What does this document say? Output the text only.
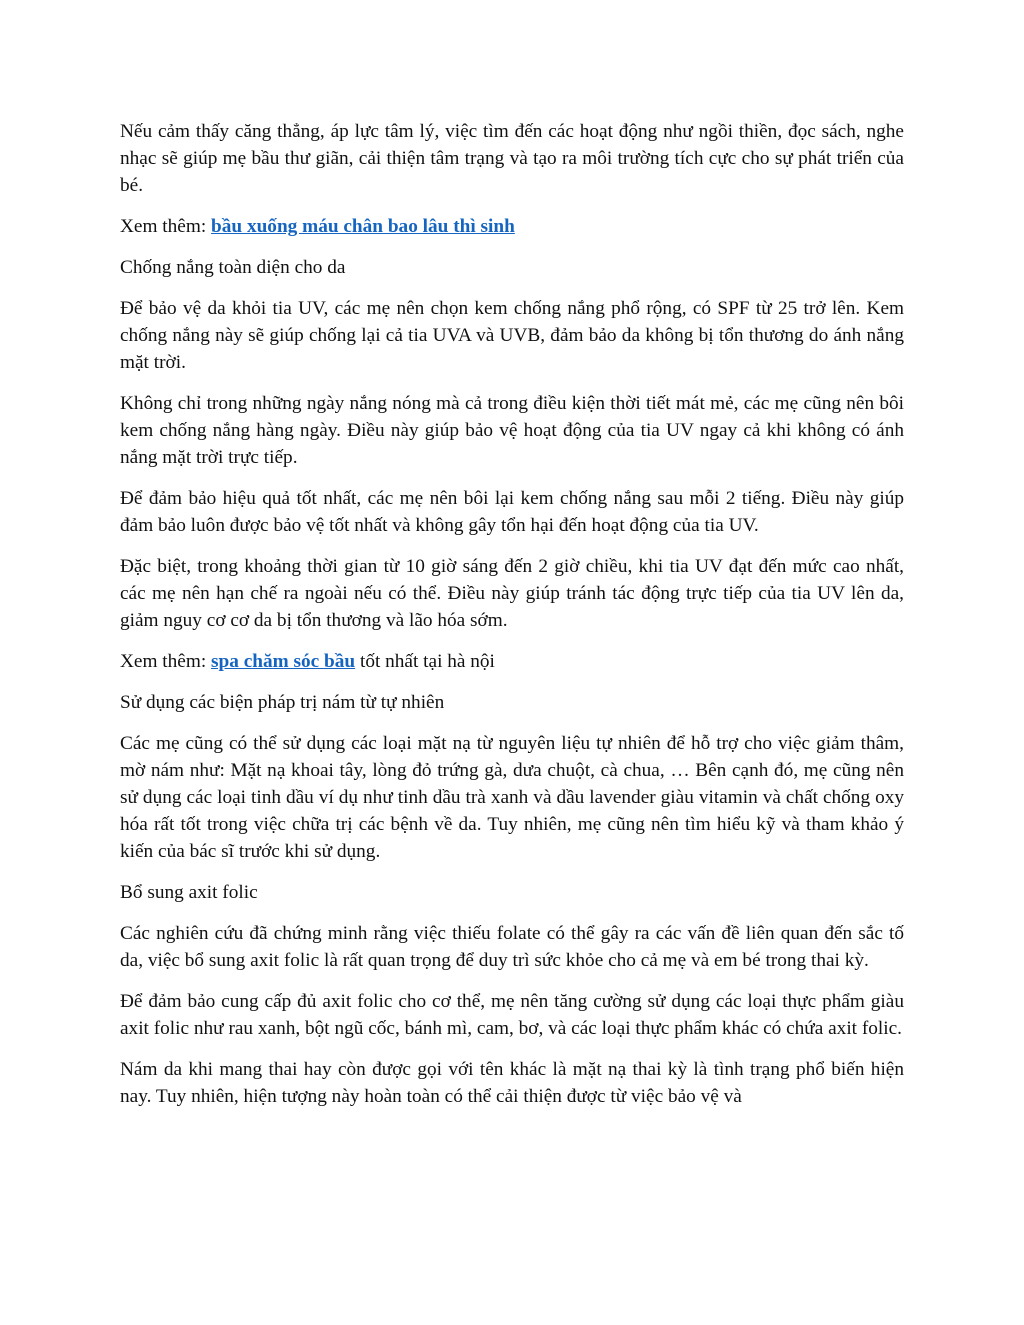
Nếu cảm thấy căng thẳng, áp lực tâm lý, việc tìm đến các hoạt động như ngồi thiền, đọc sách, nghe nhạc sẽ giúp mẹ bầu thư giãn, cải thiện tâm trạng và tạo ra môi trường tích cực cho sự phát triển của bé.

Xem thêm: bầu xuống máu chân bao lâu thì sinh

Chống nắng toàn diện cho da

Để bảo vệ da khỏi tia UV, các mẹ nên chọn kem chống nắng phổ rộng, có SPF từ 25 trở lên. Kem chống nắng này sẽ giúp chống lại cả tia UVA và UVB, đảm bảo da không bị tổn thương do ánh nắng mặt trời.

Không chỉ trong những ngày nắng nóng mà cả trong điều kiện thời tiết mát mẻ, các mẹ cũng nên bôi kem chống nắng hàng ngày. Điều này giúp bảo vệ hoạt động của tia UV ngay cả khi không có ánh nắng mặt trời trực tiếp.

Để đảm bảo hiệu quả tốt nhất, các mẹ nên bôi lại kem chống nắng sau mỗi 2 tiếng. Điều này giúp đảm bảo luôn được bảo vệ tốt nhất và không gây tổn hại đến hoạt động của tia UV.

Đặc biệt, trong khoảng thời gian từ 10 giờ sáng đến 2 giờ chiều, khi tia UV đạt đến mức cao nhất, các mẹ nên hạn chế ra ngoài nếu có thể. Điều này giúp tránh tác động trực tiếp của tia UV lên da, giảm nguy cơ cơ da bị tổn thương và lão hóa sớm.

Xem thêm: spa chăm sóc bầu tốt nhất tại hà nội

Sử dụng các biện pháp trị nám từ tự nhiên

Các mẹ cũng có thể sử dụng các loại mặt nạ từ nguyên liệu tự nhiên để hỗ trợ cho việc giảm thâm, mờ nám như: Mặt nạ khoai tây, lòng đỏ trứng gà, dưa chuột, cà chua, … Bên cạnh đó, mẹ cũng nên sử dụng các loại tinh dầu ví dụ như tinh dầu trà xanh và dầu lavender giàu vitamin và chất chống oxy hóa rất tốt trong việc chữa trị các bệnh về da. Tuy nhiên, mẹ cũng nên tìm hiểu kỹ và tham khảo ý kiến của bác sĩ trước khi sử dụng.

Bổ sung axit folic

Các nghiên cứu đã chứng minh rằng việc thiếu folate có thể gây ra các vấn đề liên quan đến sắc tố da, việc bổ sung axit folic là rất quan trọng để duy trì sức khỏe cho cả mẹ và em bé trong thai kỳ.

Để đảm bảo cung cấp đủ axit folic cho cơ thể, mẹ nên tăng cường sử dụng các loại thực phẩm giàu axit folic như rau xanh, bột ngũ cốc, bánh mì, cam, bơ, và các loại thực phẩm khác có chứa axit folic.

Nám da khi mang thai hay còn được gọi với tên khác là mặt nạ thai kỳ là tình trạng phổ biến hiện nay. Tuy nhiên, hiện tượng này hoàn toàn có thể cải thiện được từ việc bảo vệ và
